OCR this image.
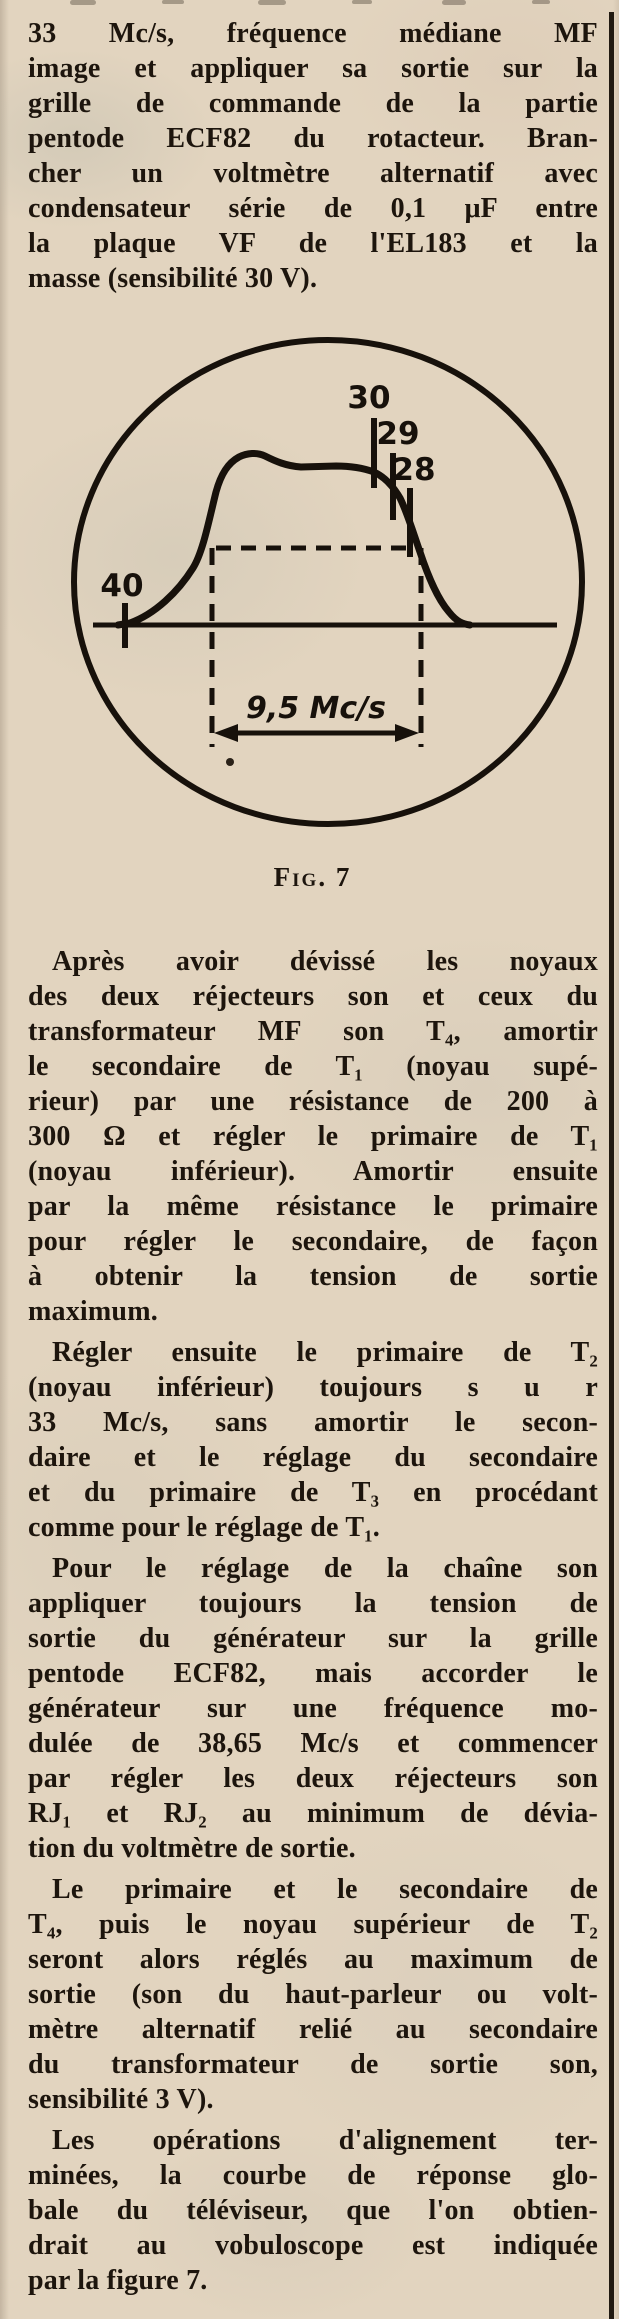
33 Mc/s, fréquence médiane MF
image et appliquer sa sortie sur la
grille de commande de la partie
pentode ECF82 du rotacteur. Bran-
cher un voltmètre alternatif avec
condensateur série de 0,1 μF entre
la plaque VF de l'EL183 et la
masse (sensibilité 30 V).

40
30
29
28
9,5 Mc/s
Fig. 7

Après avoir dévissé les noyaux
des deux réjecteurs son et ceux du
transformateur MF son T₄, amortir
le secondaire de T₁ (noyau supé-
rieur) par une résistance de 200 à
300 Ω et régler le primaire de T₁
(noyau inférieur). Amortir ensuite
par la même résistance le primaire
pour régler le secondaire, de façon
à obtenir la tension de sortie
maximum.

Régler ensuite le primaire de T₂
(noyau inférieur) toujours s u r
33 Mc/s, sans amortir le secon-
daire et le réglage du secondaire
et du primaire de T₃ en procédant
comme pour le réglage de T₁.

Pour le réglage de la chaîne son
appliquer toujours la tension de
sortie du générateur sur la grille
pentode ECF82, mais accorder le
générateur sur une fréquence mo-
dulée de 38,65 Mc/s et commencer
par régler les deux réjecteurs son
RJ₁ et RJ₂ au minimum de dévia-
tion du voltmètre de sortie.

Le primaire et le secondaire de
T₄, puis le noyau supérieur de T₂
seront alors réglés au maximum de
sortie (son du haut-parleur ou volt-
mètre alternatif relié au secondaire
du transformateur de sortie son,
sensibilité 3 V).

Les opérations d'alignement ter-
minées, la courbe de réponse glo-
bale du téléviseur, que l'on obtien-
drait au vobuloscope est indiquée
par la figure 7.
